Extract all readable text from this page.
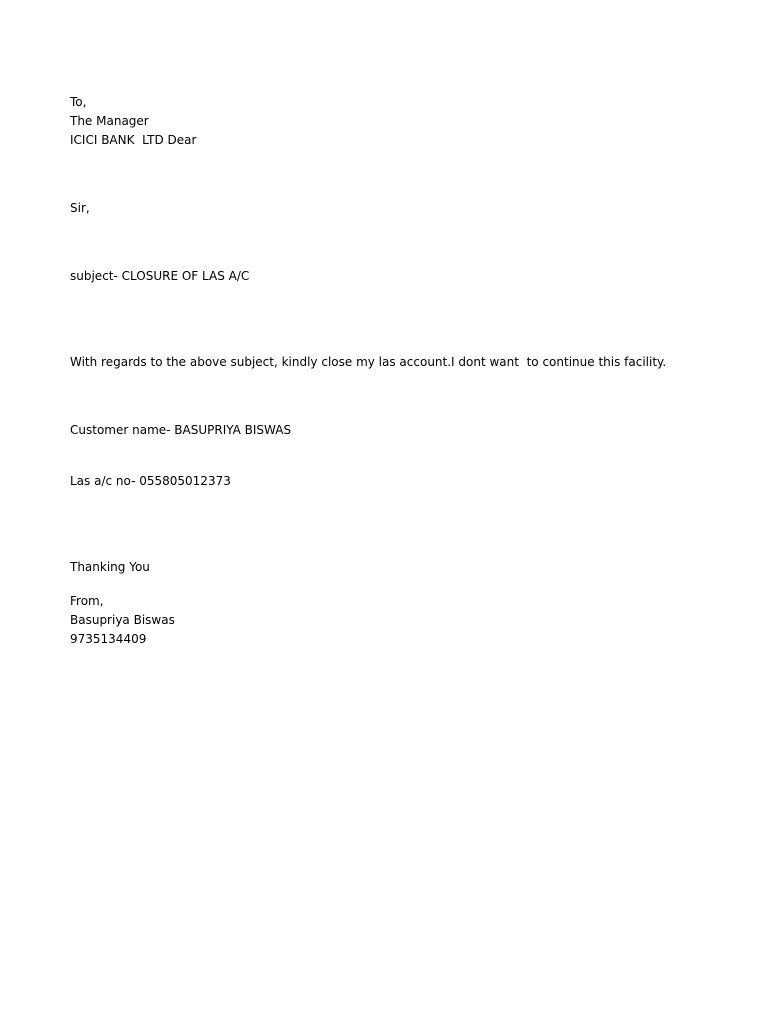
To,

The Manager

ICICI BANK  LTD Dear

Sir,

subject- CLOSURE OF LAS A/C

With regards to the above subject, kindly close my las account.I dont want  to continue this facility.

Customer name- BASUPRIYA BISWAS

Las a/c no- 055805012373

Thanking You

From,

Basupriya Biswas

9735134409
